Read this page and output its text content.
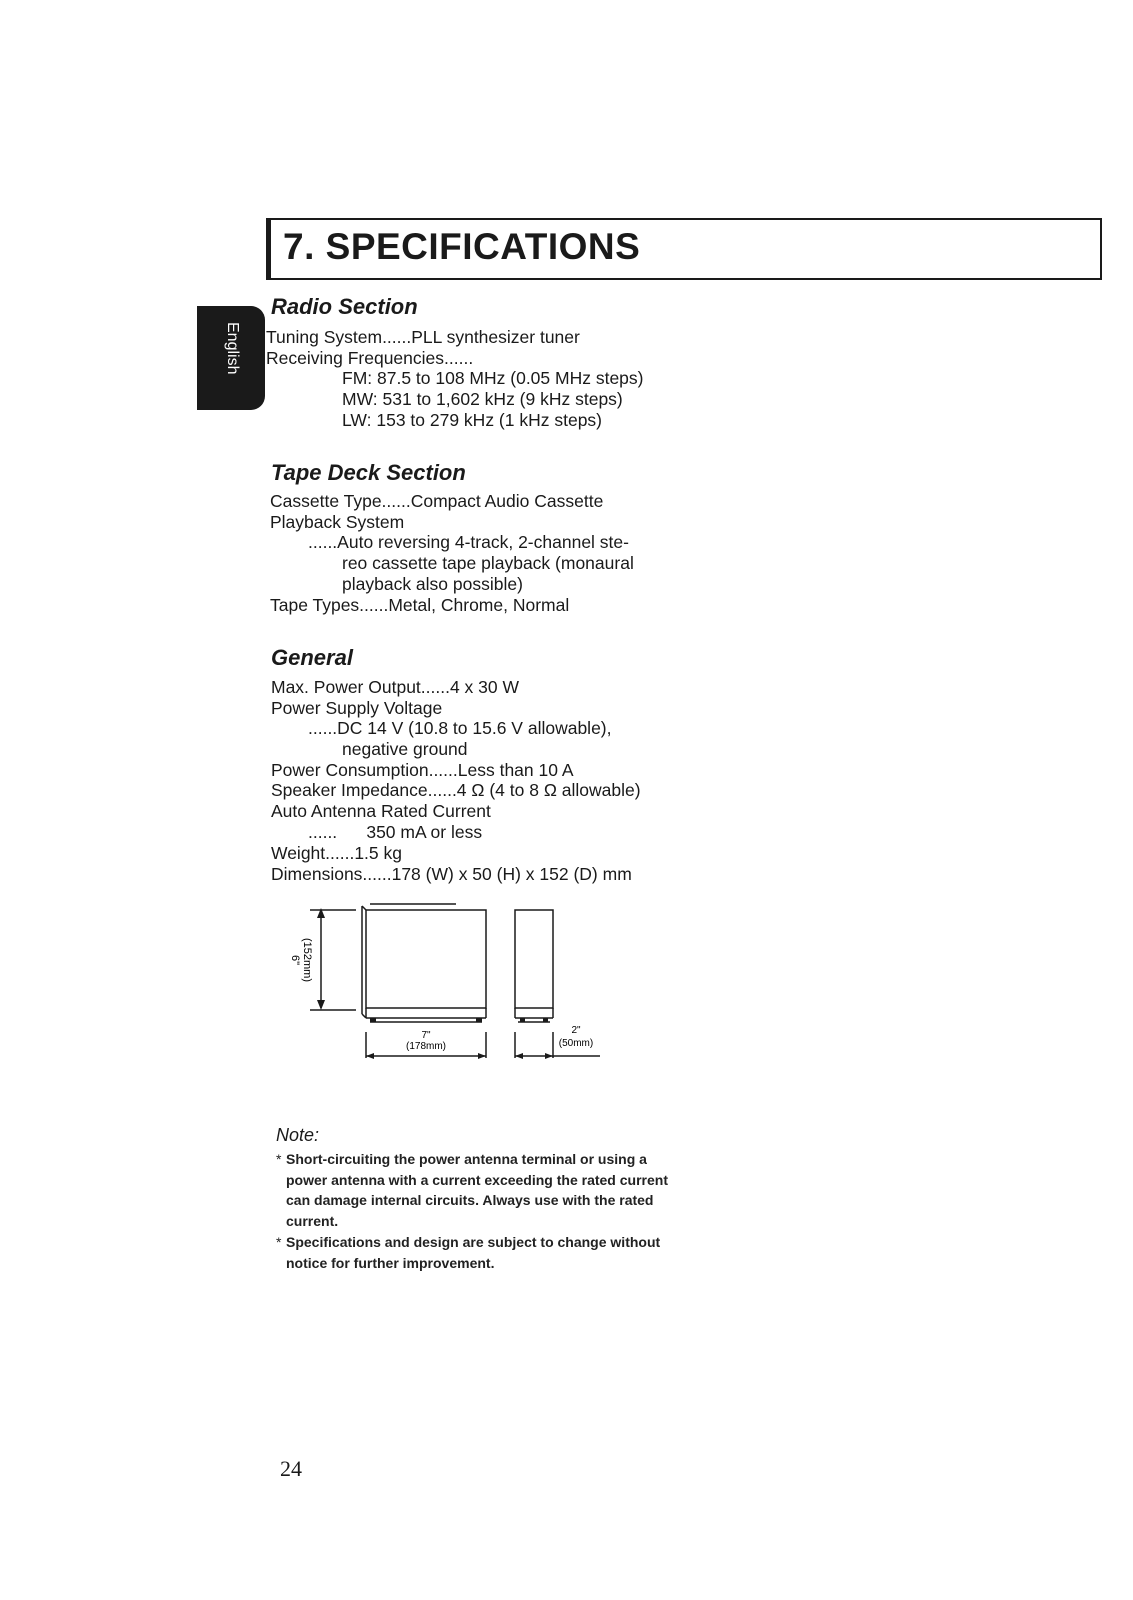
7. SPECIFICATIONS
English
Radio Section
Tuning System......PLL synthesizer tuner
Receiving Frequencies......
FM: 87.5 to 108 MHz (0.05 MHz steps)
MW: 531 to 1,602 kHz (9 kHz steps)
LW: 153 to 279 kHz (1 kHz steps)
Tape Deck Section
Cassette Type......Compact Audio Cassette
Playback System
......Auto reversing 4-track, 2-channel ste-
reo cassette tape playback (monaural
playback also possible)
Tape Types......Metal, Chrome, Normal
General
Max. Power Output......4 x 30 W
Power Supply Voltage
......DC 14 V (10.8 to 15.6 V allowable),
negative ground
Power Consumption......Less than 10 A
Speaker Impedance......4 Ω (4 to 8 Ω allowable)
Auto Antenna Rated Current
......      350 mA or less
Weight......1.5 kg
Dimensions......178 (W) x 50 (H) x 152 (D) mm
6" (152mm)
7"
(178mm)
2"
(50mm)
Note:
* Short-circuiting the power antenna terminal or using a power antenna with a current exceeding the rated current can damage internal circuits. Always use with the rated current.
* Specifications and design are subject to change without notice for further improvement.
24
